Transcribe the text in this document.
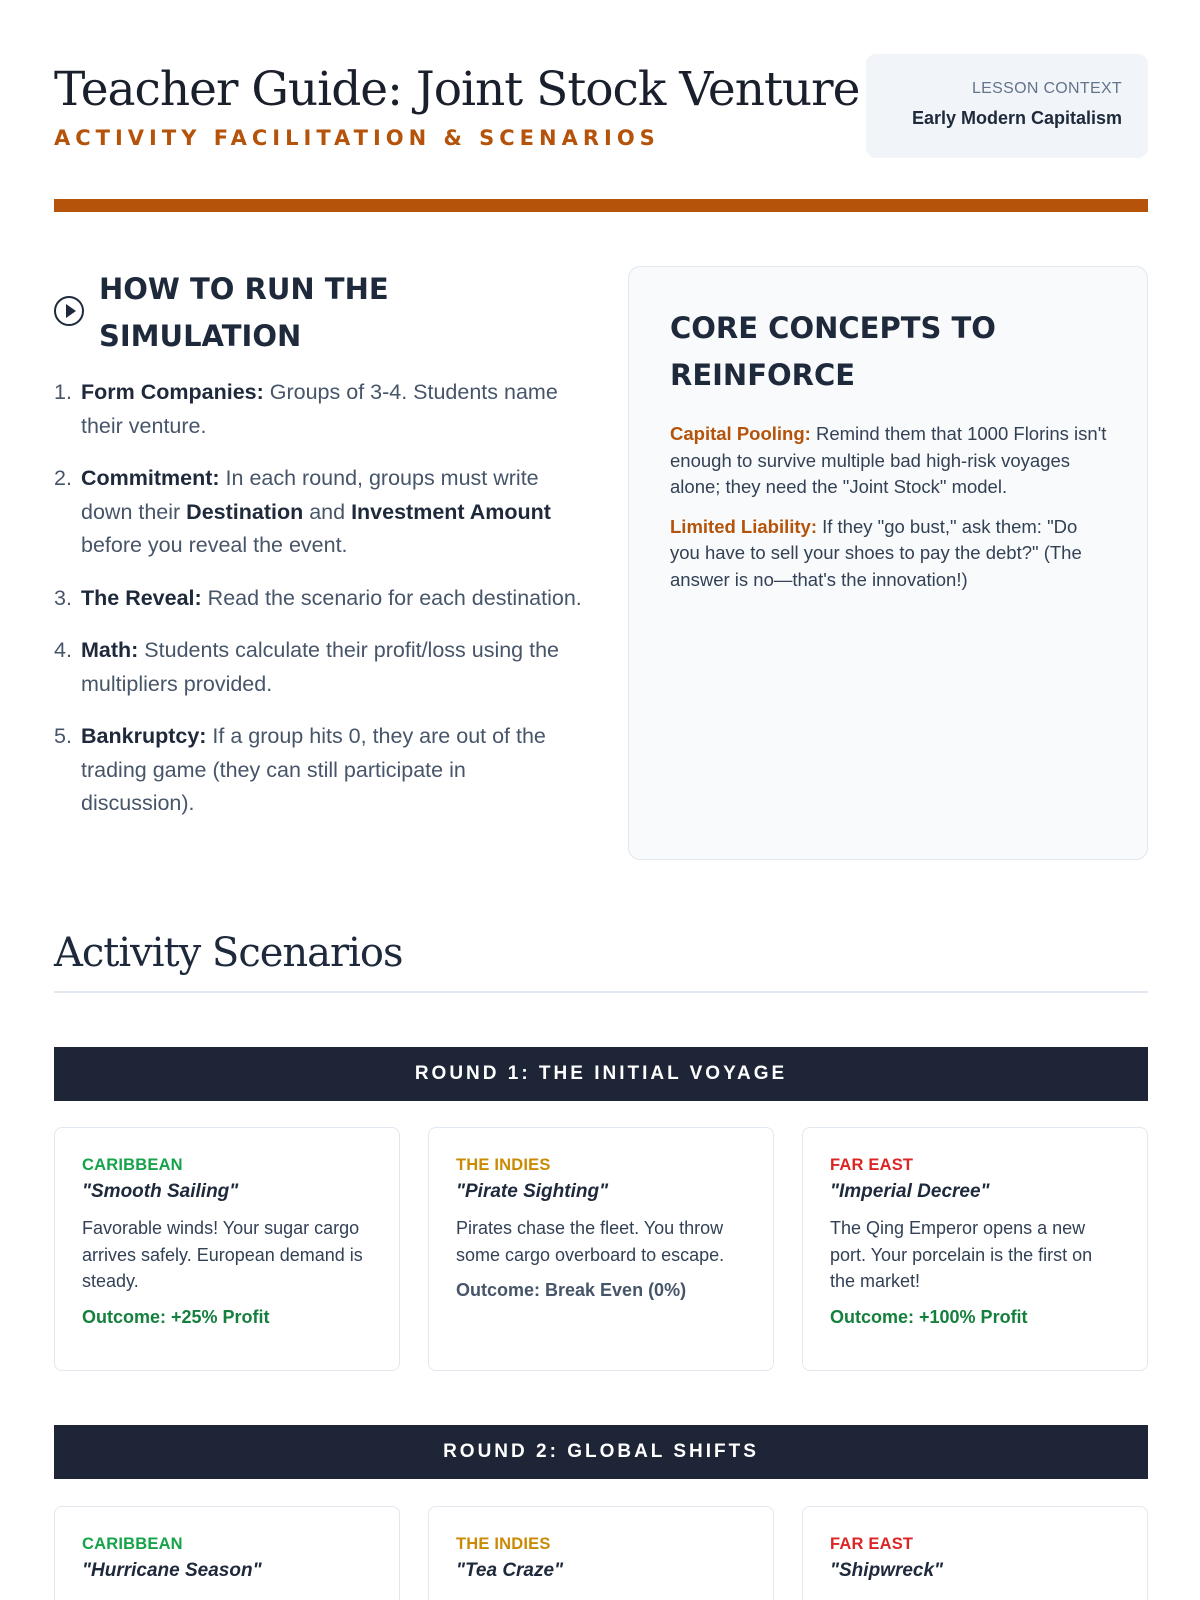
Teacher Guide: Joint Stock Venture
ACTIVITY FACILITATION & SCENARIOS
LESSON CONTEXT
Early Modern Capitalism
HOW TO RUN THE SIMULATION
1. Form Companies: Groups of 3-4. Students name their venture.
2. Commitment: In each round, groups must write down their Destination and Investment Amount before you reveal the event.
3. The Reveal: Read the scenario for each destination.
4. Math: Students calculate their profit/loss using the multipliers provided.
5. Bankruptcy: If a group hits 0, they are out of the trading game (they can still participate in discussion).
CORE CONCEPTS TO REINFORCE

Capital Pooling: Remind them that 1000 Florins isn't enough to survive multiple bad high-risk voyages alone; they need the "Joint Stock" model.

Limited Liability: If they "go bust," ask them: "Do you have to sell your shoes to pay the debt?" (The answer is no—that's the innovation!)

Activity Scenarios
ROUND 1: THE INITIAL VOYAGE
CARIBBEAN
"Smooth Sailing"
Favorable winds! Your sugar cargo arrives safely. European demand is steady.
Outcome: +25% Profit
THE INDIES
"Pirate Sighting"
Pirates chase the fleet. You throw some cargo overboard to escape.
Outcome: Break Even (0%)
FAR EAST
"Imperial Decree"
The Qing Emperor opens a new port. Your porcelain is the first on the market!
Outcome: +100% Profit
ROUND 2: GLOBAL SHIFTS
CARIBBEAN
"Hurricane Season"
THE INDIES
"Tea Craze"
FAR EAST
"Shipwreck"
